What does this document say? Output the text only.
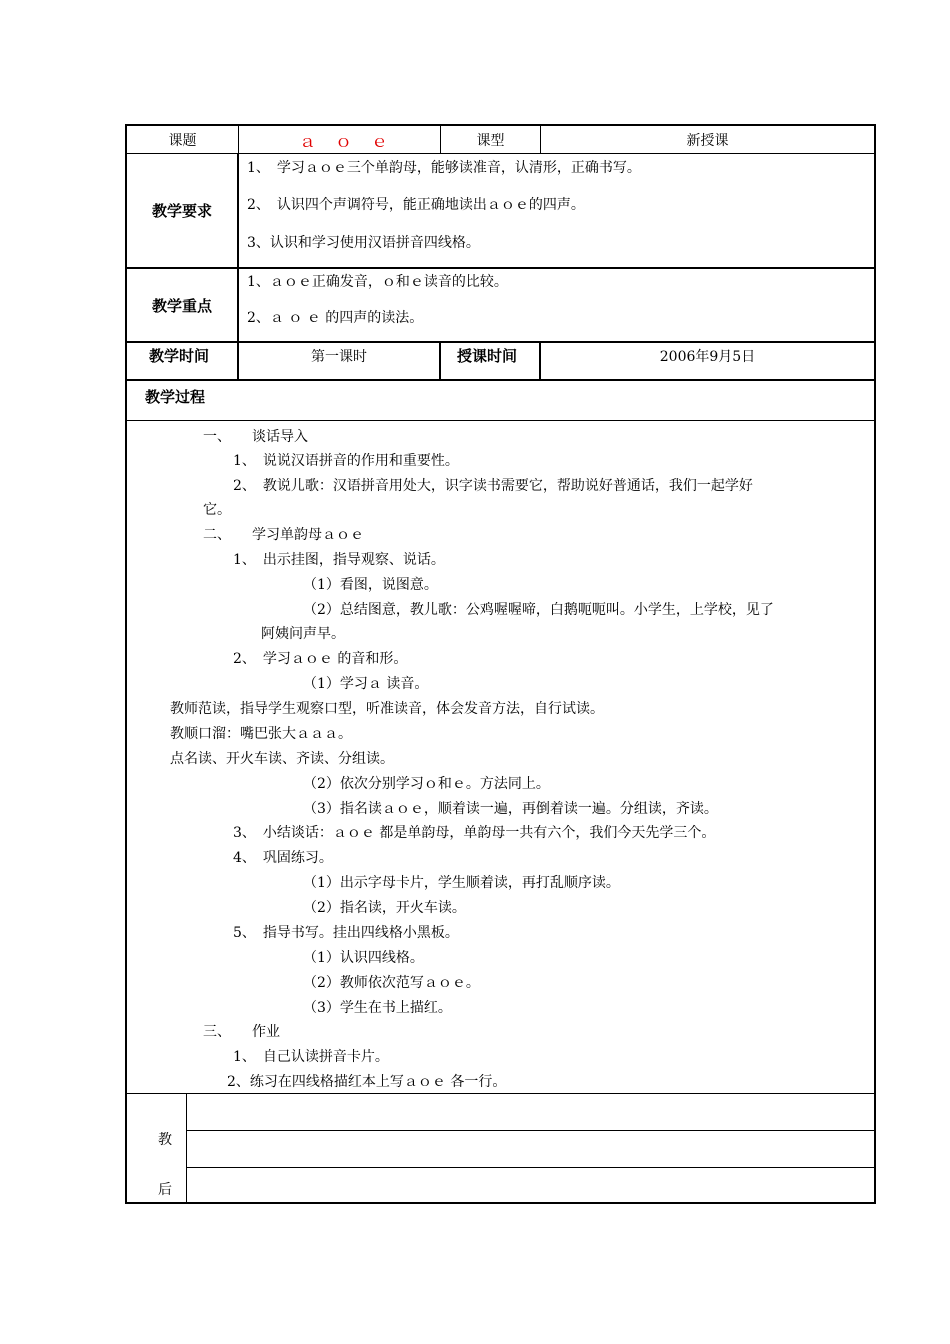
课题	ａ　ｏ　ｅ	课型	新授课
教学要求
1、　学习ａｏｅ三个单韵母，能够读准音，认清形，正确书写。
2、　认识四个声调符号，能正确地读出ａｏｅ的四声。
3、认识和学习使用汉语拼音四线格。
教学重点
1、ａｏｅ正确发音，ｏ和ｅ读音的比较。
2、ａ ｏ ｅ 的四声的读法。
教学时间	第一课时	授课时间	2006年9月5日
教学过程
一、　　谈话导入
1、　说说汉语拼音的作用和重要性。
2、　教说儿歌：汉语拼音用处大，识字读书需要它，帮助说好普通话，我们一起学好
它。
二、　　学习单韵母ａｏｅ
1、　出示挂图，指导观察、说话。
（1）看图，说图意。
（2）总结图意，教儿歌：公鸡喔喔啼，白鹅呃呃叫。小学生，上学校，见了
阿姨问声早。
2、　学习ａｏｅ 的音和形。
（1）学习ａ 读音。
教师范读，指导学生观察口型，听准读音，体会发音方法，自行试读。
教顺口溜：嘴巴张大ａａａ。
点名读、开火车读、齐读、分组读。
（2）依次分别学习ｏ和ｅ。方法同上。
（3）指名读ａｏｅ，顺着读一遍，再倒着读一遍。分组读，齐读。
3、　小结谈话：ａｏｅ 都是单韵母，单韵母一共有六个，我们今天先学三个。
4、　巩固练习。
（1）出示字母卡片，学生顺着读，再打乱顺序读。
（2）指名读，开火车读。
5、　指导书写。挂出四线格小黑板。
（1）认识四线格。
（2）教师依次范写ａｏｅ。
（3）学生在书上描红。
三、　　作业
1、　自己认读拼音卡片。
2、练习在四线格描红本上写ａｏｅ 各一行。
教
后
